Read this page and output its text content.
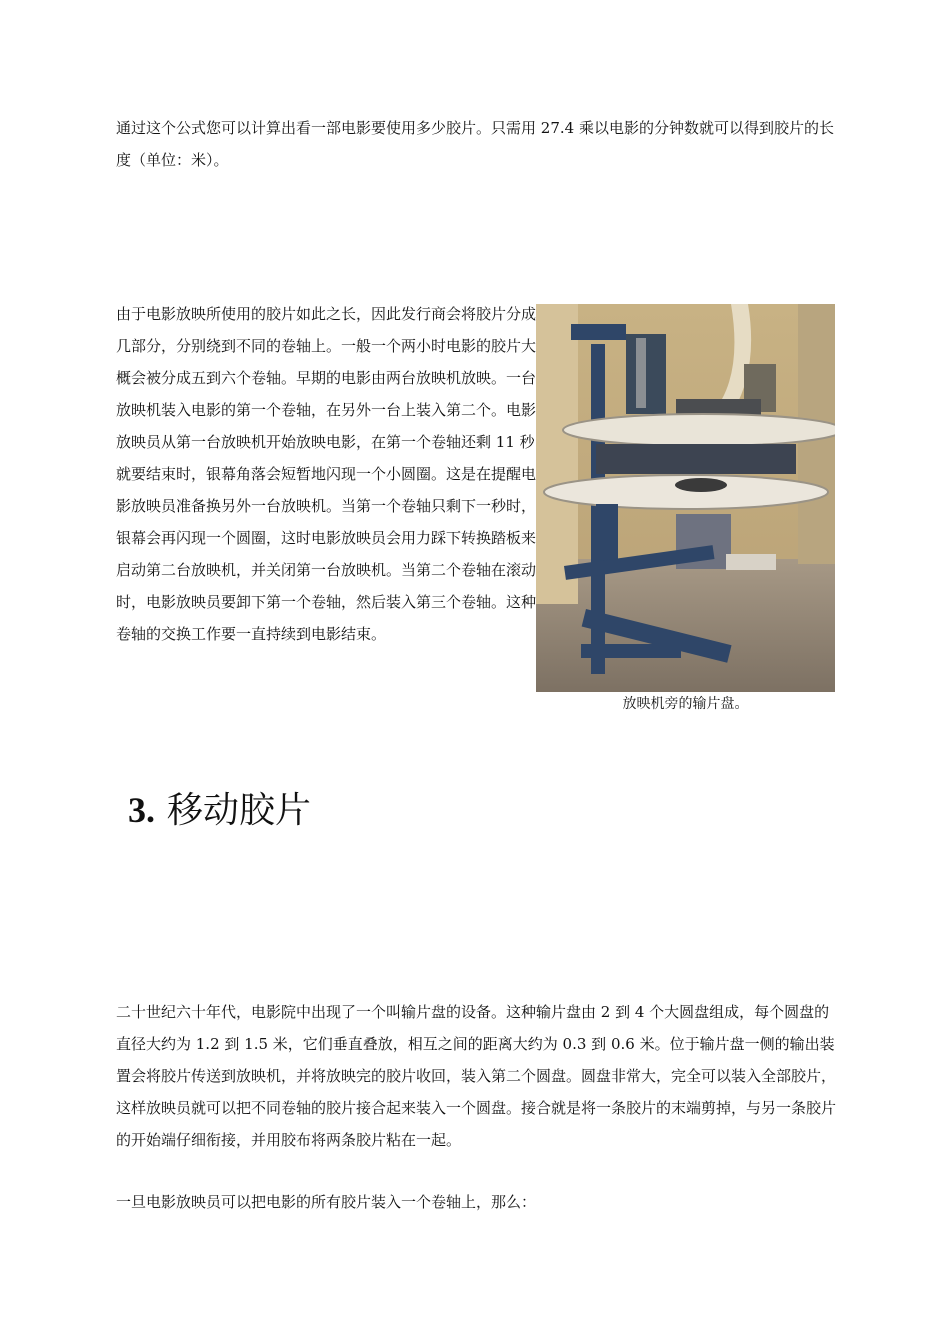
通过这个公式您可以计算出看一部电影要使用多少胶片。只需用 27.4 乘以电影的分钟数就可以得到胶片的长度（单位：米）。

由于电影放映所使用的胶片如此之长，因此发行商会将胶片分成几部分，分别绕到不同的卷轴上。一般一个两小时电影的胶片大概会被分成五到六个卷轴。早期的电影由两台放映机放映。一台放映机装入电影的第一个卷轴，在另外一台上装入第二个。电影放映员从第一台放映机开始放映电影，在第一个卷轴还剩 11 秒就要结束时，银幕角落会短暂地闪现一个小圆圈。这是在提醒电影放映员准备换另外一台放映机。当第一个卷轴只剩下一秒时，银幕会再闪现一个圆圈，这时电影放映员会用力踩下转换踏板来启动第二台放映机，并关闭第一台放映机。当第二个卷轴在滚动时，电影放映员要卸下第一个卷轴，然后装入第三个卷轴。这种卷轴的交换工作要一直持续到电影结束。

放映机旁的输片盘。
3. 移动胶片

二十世纪六十年代，电影院中出现了一个叫输片盘的设备。这种输片盘由 2 到 4 个大圆盘组成，每个圆盘的直径大约为 1.2 到 1.5 米，它们垂直叠放，相互之间的距离大约为 0.3 到 0.6 米。位于输片盘一侧的输出装置会将胶片传送到放映机，并将放映完的胶片收回，装入第二个圆盘。圆盘非常大，完全可以装入全部胶片，这样放映员就可以把不同卷轴的胶片接合起来装入一个圆盘。接合就是将一条胶片的末端剪掉，与另一条胶片的开始端仔细衔接，并用胶布将两条胶片粘在一起。

一旦电影放映员可以把电影的所有胶片装入一个卷轴上，那么：
